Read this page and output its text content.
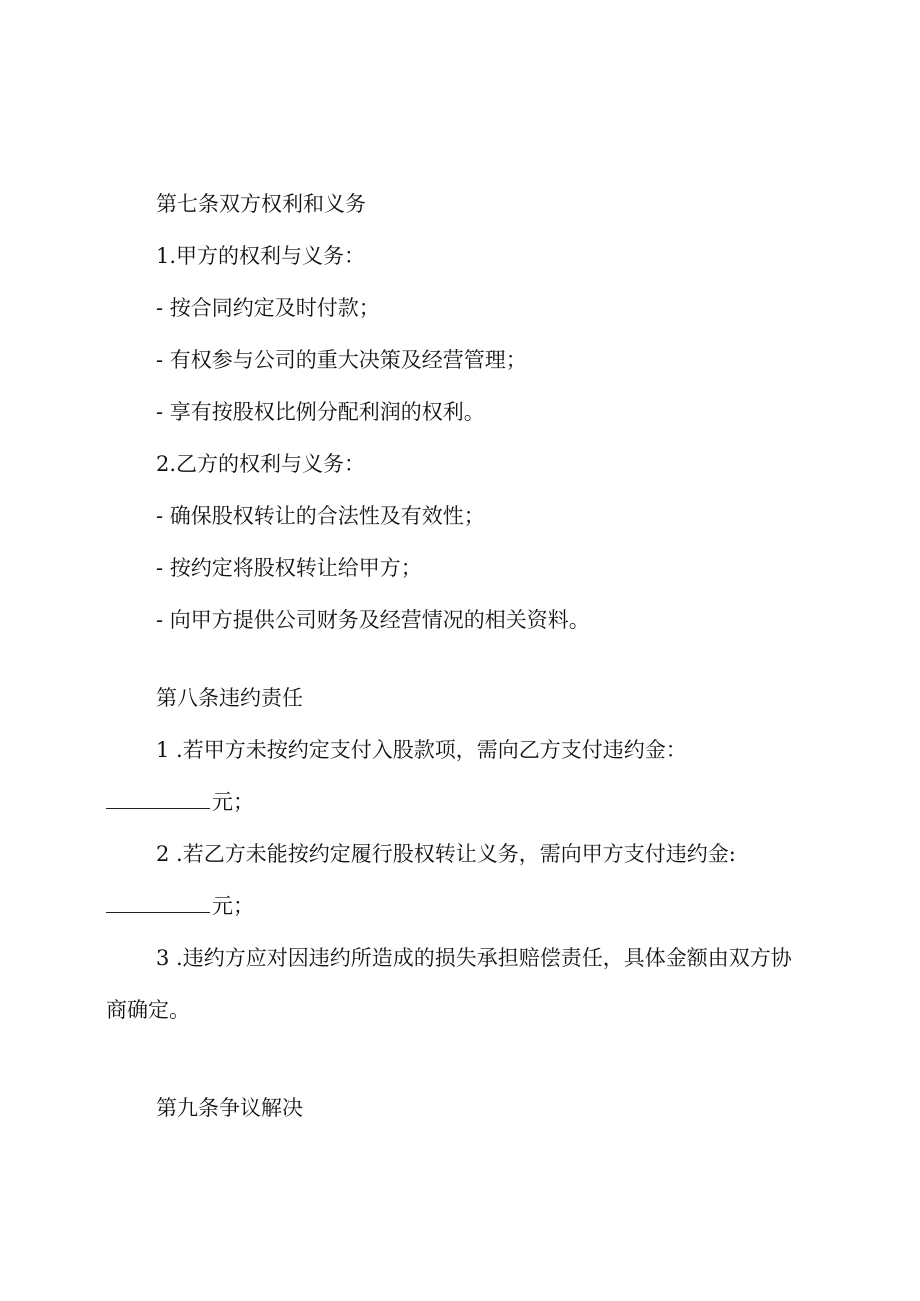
第七条双方权利和义务
1.甲方的权利与义务：
- 按合同约定及时付款；
- 有权参与公司的重大决策及经营管理；
- 享有按股权比例分配利润的权利。
2.乙方的权利与义务：
- 确保股权转让的合法性及有效性；
- 按约定将股权转让给甲方；
- 向甲方提供公司财务及经营情况的相关资料。
第八条违约责任
1 .若甲方未按约定支付入股款项，需向乙方支付违约金：
元；
2 .若乙方未能按约定履行股权转让义务，需向甲方支付违约金:
元；
3 .违约方应对因违约所造成的损失承担赔偿责任，具体金额由双方协
商确定。
第九条争议解决
